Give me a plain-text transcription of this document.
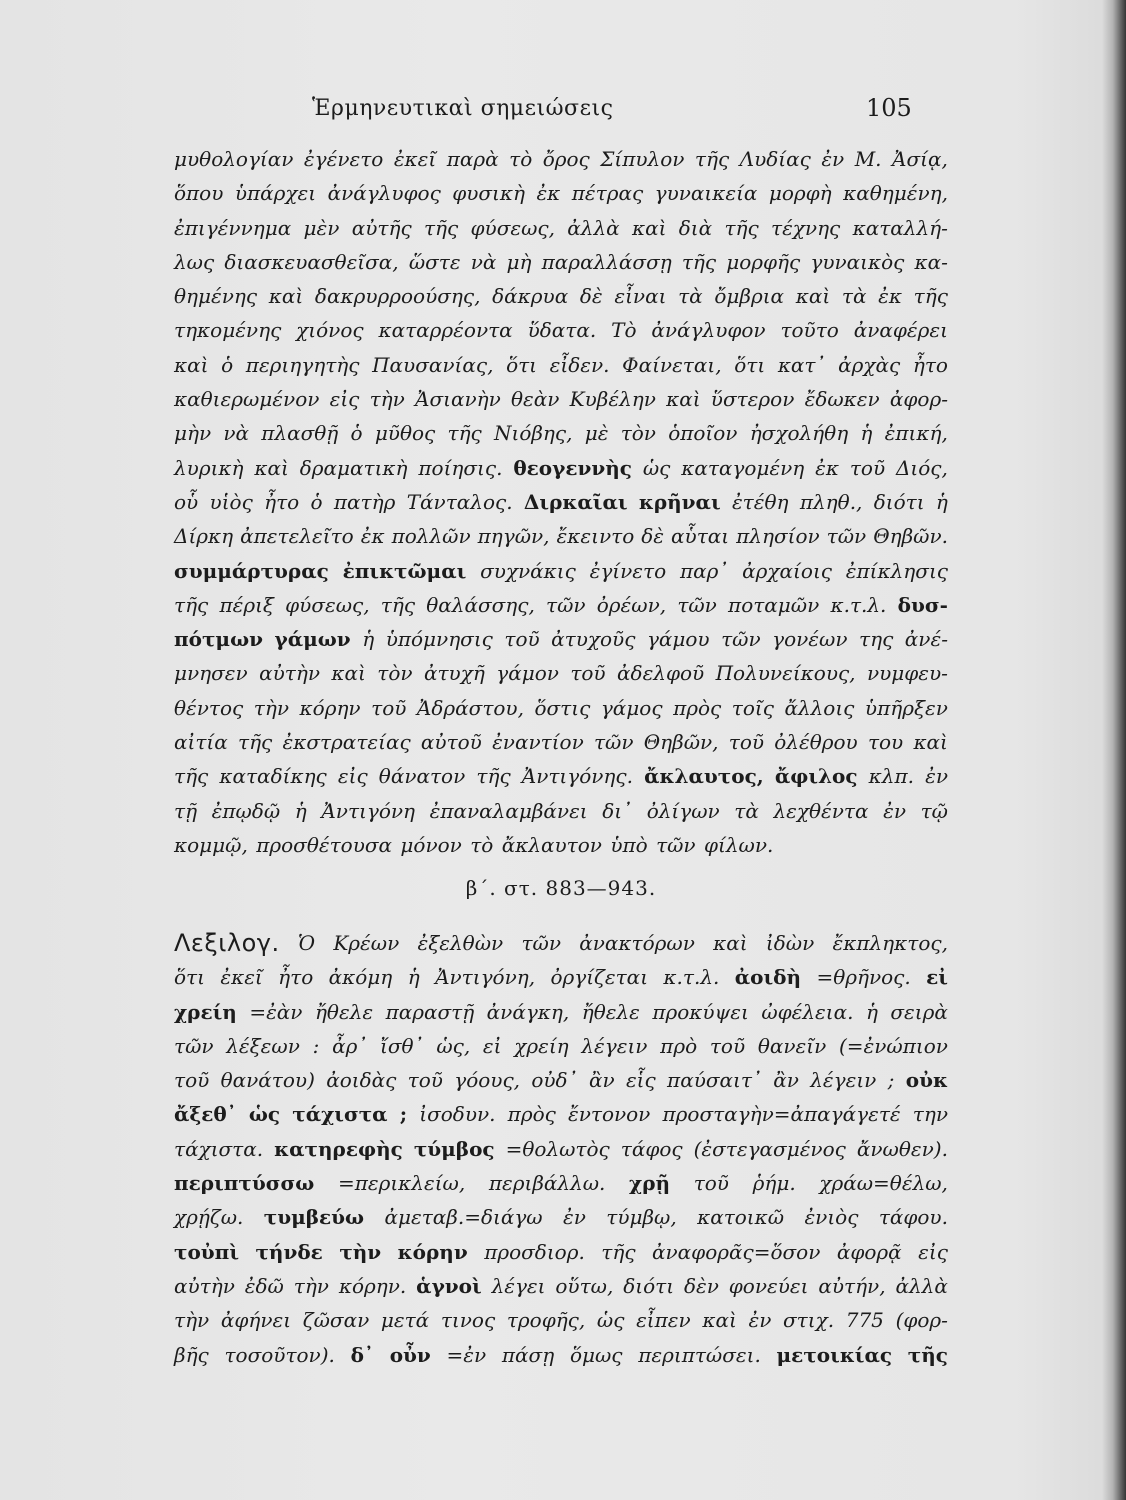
Ἑρμηνευτικαὶ σημειώσεις	105
μυθολογίαν ἐγένετο ἐκεῖ παρὰ τὸ ὄρος Σίπυλον τῆς Λυδίας ἐν Μ. Ἀσίᾳ,
ὅπου ὑπάρχει ἀνάγλυφος φυσικὴ ἐκ πέτρας γυναικεία μορφὴ καθημένη,
ἐπιγέννημα μὲν αὐτῆς τῆς φύσεως, ἀλλὰ καὶ διὰ τῆς τέχνης καταλλή-
λως διασκευασθεῖσα, ὥστε νὰ μὴ παραλλάσσῃ τῆς μορφῆς γυναικὸς κα-
θημένης καὶ δακρυρροούσης, δάκρυα δὲ εἶναι τὰ ὄμβρια καὶ τὰ ἐκ τῆς
τηκομένης χιόνος καταρρέοντα ὕδατα. Τὸ ἀνάγλυφον τοῦτο ἀναφέρει
καὶ ὁ περιηγητὴς Παυσανίας, ὅτι εἶδεν. Φαίνεται, ὅτι κατ᾽ ἀρχὰς ἦτο
καθιερωμένον εἰς τὴν Ἀσιανὴν θεὰν Κυβέλην καὶ ὕστερον ἔδωκεν ἀφορ-
μὴν νὰ πλασθῇ ὁ μῦθος τῆς Νιόβης, μὲ τὸν ὁποῖον ἠσχολήθη ἡ ἐπική,
λυρικὴ καὶ δραματικὴ ποίησις. θεογεννὴς ὡς καταγομένη ἐκ τοῦ Διός,
οὗ υἱὸς ἦτο ὁ πατὴρ Τάνταλος. Διρκαῖαι κρῆναι ἐτέθη πληθ., διότι ἡ
Δίρκη ἀπετελεῖτο ἐκ πολλῶν πηγῶν, ἔκειντο δὲ αὗται πλησίον τῶν Θηβῶν.
συμμάρτυρας ἐπικτῶμαι συχνάκις ἐγίνετο παρ᾽ ἀρχαίοις ἐπίκλησις
τῆς πέριξ φύσεως, τῆς θαλάσσης, τῶν ὀρέων, τῶν ποταμῶν κ.τ.λ. δυσ-
πότμων γάμων ἡ ὑπόμνησις τοῦ ἀτυχοῦς γάμου τῶν γονέων της ἀνέ-
μνησεν αὐτὴν καὶ τὸν ἀτυχῆ γάμον τοῦ ἀδελφοῦ Πολυνείκους, νυμφευ-
θέντος τὴν κόρην τοῦ Ἀδράστου, ὅστις γάμος πρὸς τοῖς ἄλλοις ὑπῆρξεν
αἰτία τῆς ἐκστρατείας αὐτοῦ ἐναντίον τῶν Θηβῶν, τοῦ ὀλέθρου του καὶ
τῆς καταδίκης εἰς θάνατον τῆς Ἀντιγόνης. ἄκλαυτος, ἄφιλος κλπ. ἐν
τῇ ἐπῳδῷ ἡ Ἀντιγόνη ἐπαναλαμβάνει δι᾽ ὀλίγων τὰ λεχθέντα ἐν τῷ
κομμῷ, προσθέτουσα μόνον τὸ ἄκλαυτον ὑπὸ τῶν φίλων.
β΄. στ. 883—943.
Λεξιλογ. Ὁ Κρέων ἐξελθὼν τῶν ἀνακτόρων καὶ ἰδὼν ἔκπληκτος,
ὅτι ἐκεῖ ἦτο ἀκόμη ἡ Ἀντιγόνη, ὀργίζεται κ.τ.λ. ἀοιδὴ =θρῆνος. εἰ
χρείη =ἐὰν ἤθελε παραστῇ ἀνάγκη, ἤθελε προκύψει ὠφέλεια. ἡ σειρὰ
τῶν λέξεων : ἆρ᾽ ἴσθ᾽ ὡς, εἰ χρείη λέγειν πρὸ τοῦ θανεῖν (=ἐνώπιον
τοῦ θανάτου) ἀοιδὰς τοῦ γόους, οὐδ᾽ ἂν εἷς παύσαιτ᾽ ἂν λέγειν ; οὐκ
ἄξεθ᾽ ὡς τάχιστα ; ἰσοδυν. πρὸς ἔντονον προσταγὴν=ἀπαγάγετέ την
τάχιστα. κατηρεφὴς τύμβος =θολωτὸς τάφος (ἐστεγασμένος ἄνωθεν).
περιπτύσσω =περικλείω, περιβάλλω. χρῇ τοῦ ῥήμ. χράω=θέλω,
χρῄζω. τυμβεύω ἀμεταβ.=διάγω ἐν τύμβῳ, κατοικῶ ἐνιὸς τάφου.
τοὐπὶ τήνδε τὴν κόρην προσδιορ. τῆς ἀναφορᾶς=ὅσον ἀφορᾷ εἰς
αὐτὴν ἐδῶ τὴν κόρην. ἁγνοὶ λέγει οὕτω, διότι δὲν φονεύει αὐτήν, ἀλλὰ
τὴν ἀφήνει ζῶσαν μετά τινος τροφῆς, ὡς εἶπεν καὶ ἐν στιχ. 775 (φορ-
βῆς τοσοῦτον). δ᾽ οὖν =ἐν πάσῃ ὅμως περιπτώσει. μετοικίας τῆς
